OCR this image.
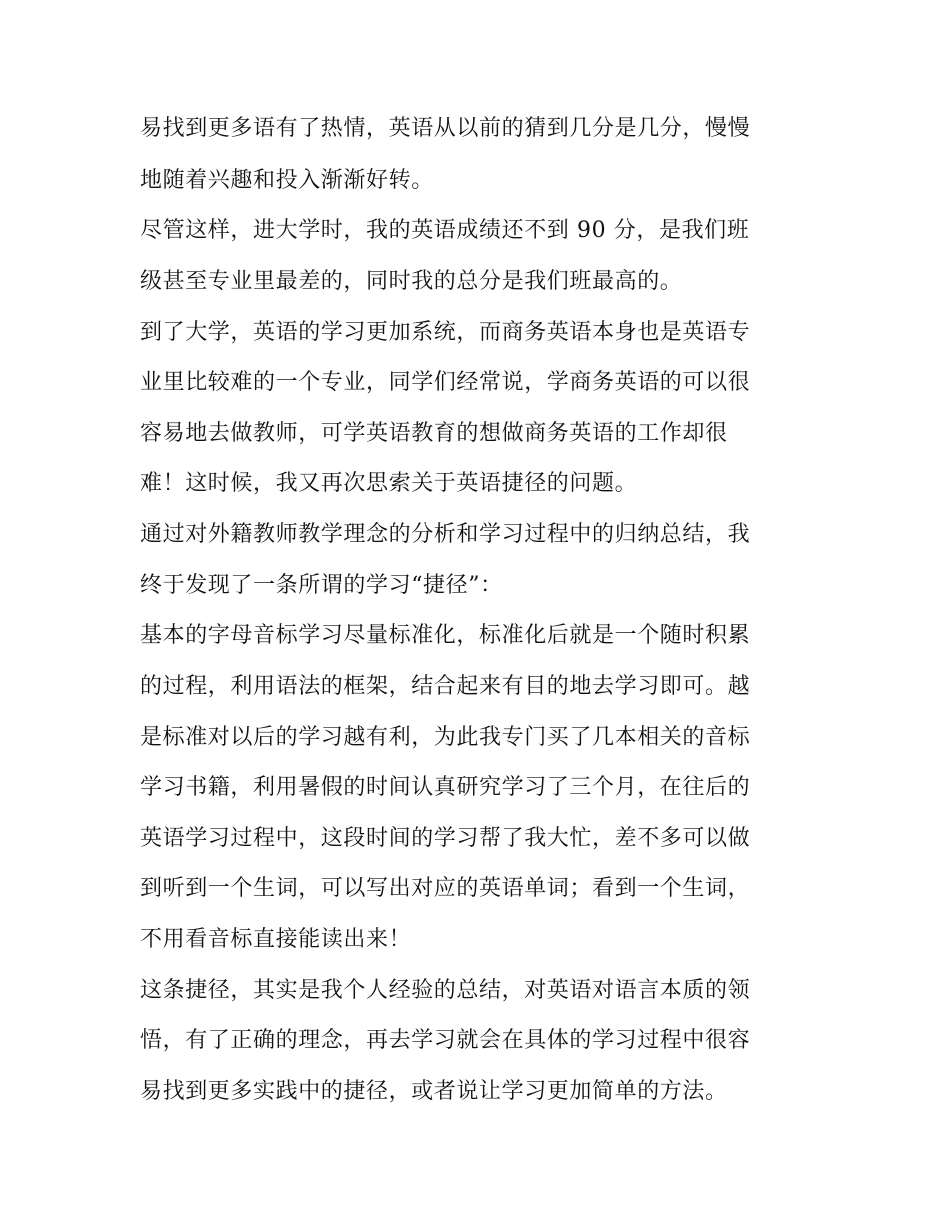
易找到更多语有了热情，英语从以前的猜到几分是几分，慢慢
地随着兴趣和投入渐渐好转。
尽管这样，进大学时，我的英语成绩还不到 90 分，是我们班
级甚至专业里最差的，同时我的总分是我们班最高的。
到了大学，英语的学习更加系统，而商务英语本身也是英语专
业里比较难的一个专业，同学们经常说，学商务英语的可以很
容易地去做教师，可学英语教育的想做商务英语的工作却很
难！这时候，我又再次思索关于英语捷径的问题。
通过对外籍教师教学理念的分析和学习过程中的归纳总结，我
终于发现了一条所谓的学习“捷径”：
基本的字母音标学习尽量标准化，标准化后就是一个随时积累
的过程，利用语法的框架，结合起来有目的地去学习即可。越
是标准对以后的学习越有利，为此我专门买了几本相关的音标
学习书籍，利用暑假的时间认真研究学习了三个月，在往后的
英语学习过程中，这段时间的学习帮了我大忙，差不多可以做
到听到一个生词，可以写出对应的英语单词；看到一个生词，
不用看音标直接能读出来！
这条捷径，其实是我个人经验的总结，对英语对语言本质的领
悟，有了正确的理念，再去学习就会在具体的学习过程中很容
易找到更多实践中的捷径，或者说让学习更加简单的方法。
